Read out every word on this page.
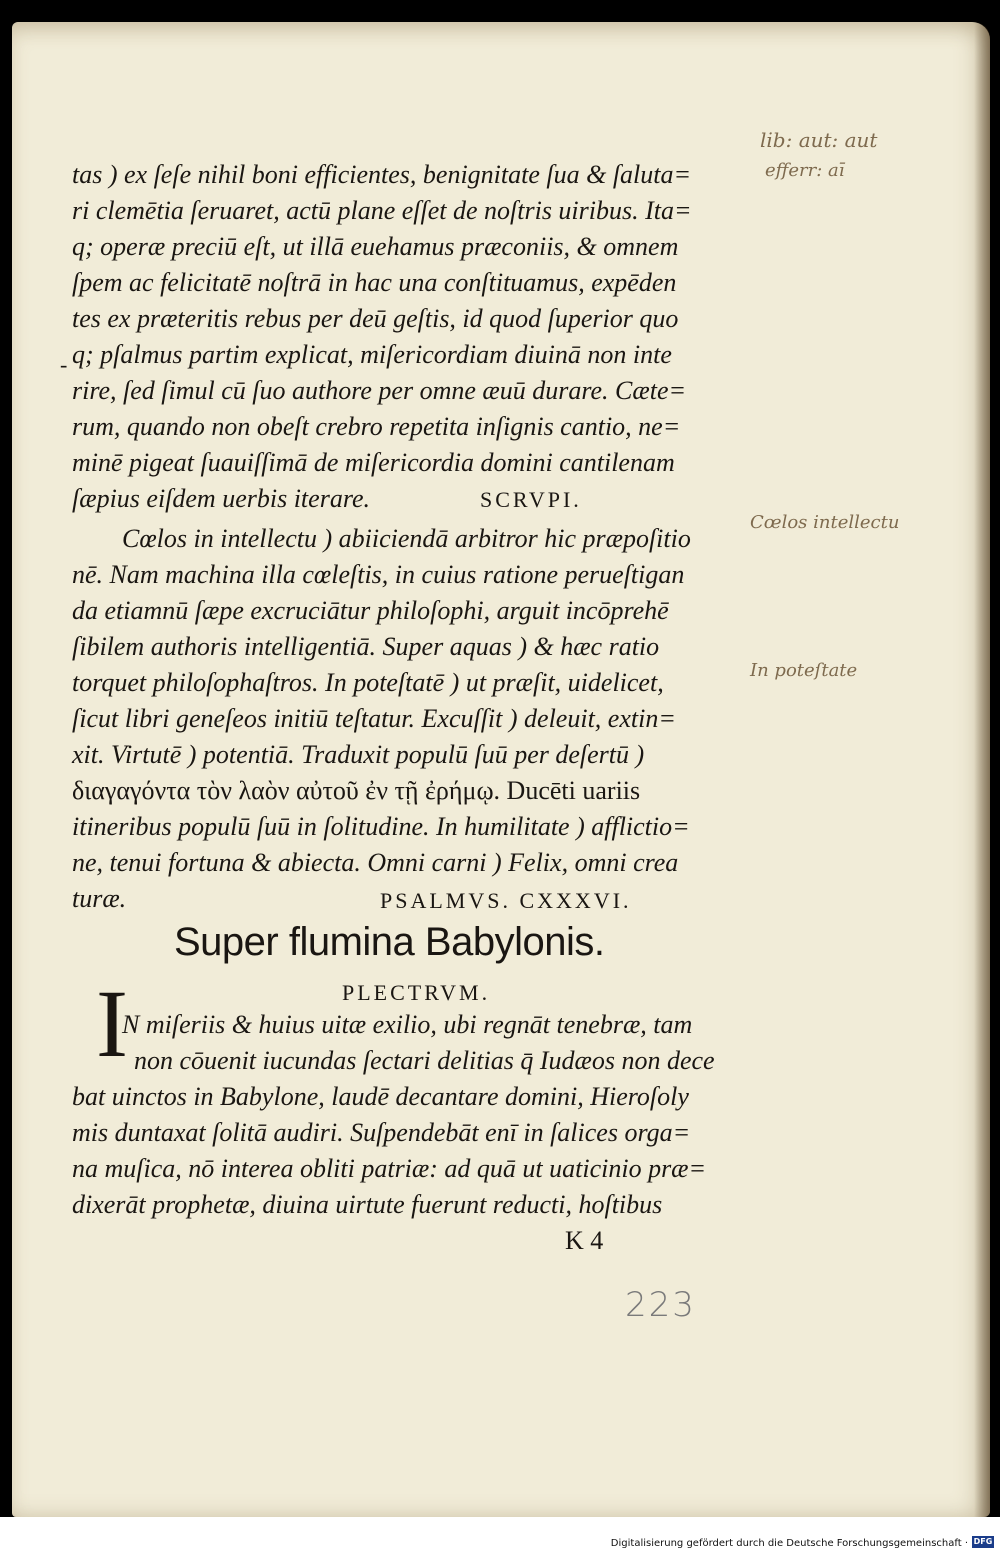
tas ) ex ſeſe nihil boni efficientes, benignitate ſua & ſaluta=
ri clemētia ſeruaret, actū plane eſſet de noſtris uiribus. Ita=
q; operæ preciū eſt, ut illā euehamus præconiis, & omnem
ſpem ac felicitatē noſtrā in hac una conſtituamus, expēden
tes ex præteritis rebus per deū geſtis, id quod ſuperior quo
q; pſalmus partim explicat, miſericordiam diuinā non inte
rire, ſed ſimul cū ſuo authore per omne æuū durare. Cæte=
rum, quando non obeſt crebro repetita inſignis cantio, ne=
minē pigeat ſuauiſſimā de miſericordia domini cantilenam
ſæpius eiſdem uerbis iterare.	SCRVPI.
Cœlos in intellectu ) abiiciendā arbitror hic præpoſitio
nē. Nam machina illa cœleſtis, in cuius ratione perueſtigan
da etiamnū ſæpe excruciātur philoſophi, arguit incōprehē
ſibilem authoris intelligentiā. Super aquas ) & hæc ratio
torquet philoſophaſtros. In poteſtatē ) ut præſit, uidelicet,
ſicut libri geneſeos initiū teſtatur. Excuſſit ) deleuit, extin=
xit. Virtutē ) potentiā. Traduxit populū ſuū per deſertū )
διαγαγόντα τὸν λαὸν αὐτοῦ ἐν τῇ ἐρήμῳ. Ducēti uariis
itineribus populū ſuū in ſolitudine. In humilitate ) afflictio=
ne, tenui fortuna & abiecta. Omni carni ) Felix, omni crea
turæ.	PSALMVS. CXXXVI.
PLECTRVM.
N miſeriis & huius uitæ exilio, ubi regnāt tenebræ, tam
non cōuenit iucundas ſectari delitias q̄ Iudæos non dece
bat uinctos in Babylone, laudē decantare domini, Hieroſoly
mis duntaxat ſolitā audiri. Suſpendebāt enī in ſalices orga=
na muſica, nō interea obliti patriæ: ad quā ut uaticinio præ=
dixerāt prophetæ, diuina uirtute fuerunt reducti, hoſtibus
-
Super flumina Babylonis.
I
K 4
223
lib: aut: aut
efferr: aī
Cœlos intellectu
In poteſtate
Digitalisierung gefördert durch die Deutsche Forschungsgemeinschaft · DFG
